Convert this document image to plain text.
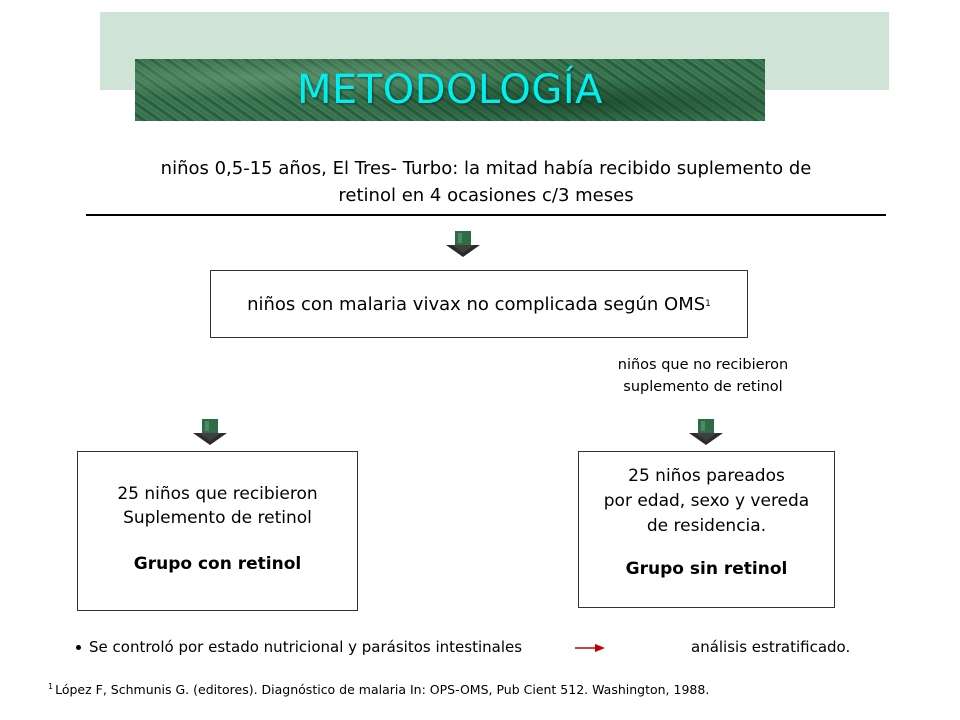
METODOLOGÍA
niños 0,5-15 años, El Tres- Turbo: la mitad había recibido suplemento de
retinol en 4 ocasiones c/3 meses
niños con malaria vivax no complicada según OMS 1
niños que no recibieron
suplemento de retinol
25 niños que recibieron
Suplemento de retinol
Grupo con retinol
25 niños pareados
por edad, sexo y vereda
de residencia.
Grupo sin retinol
Se controló por estado nutricional y parásitos intestinales	análisis estratificado.
$^1$ López F, Schmunis G. (editores). Diagnóstico de malaria In: OPS-OMS, Pub Cient 512. Washington, 1988.
